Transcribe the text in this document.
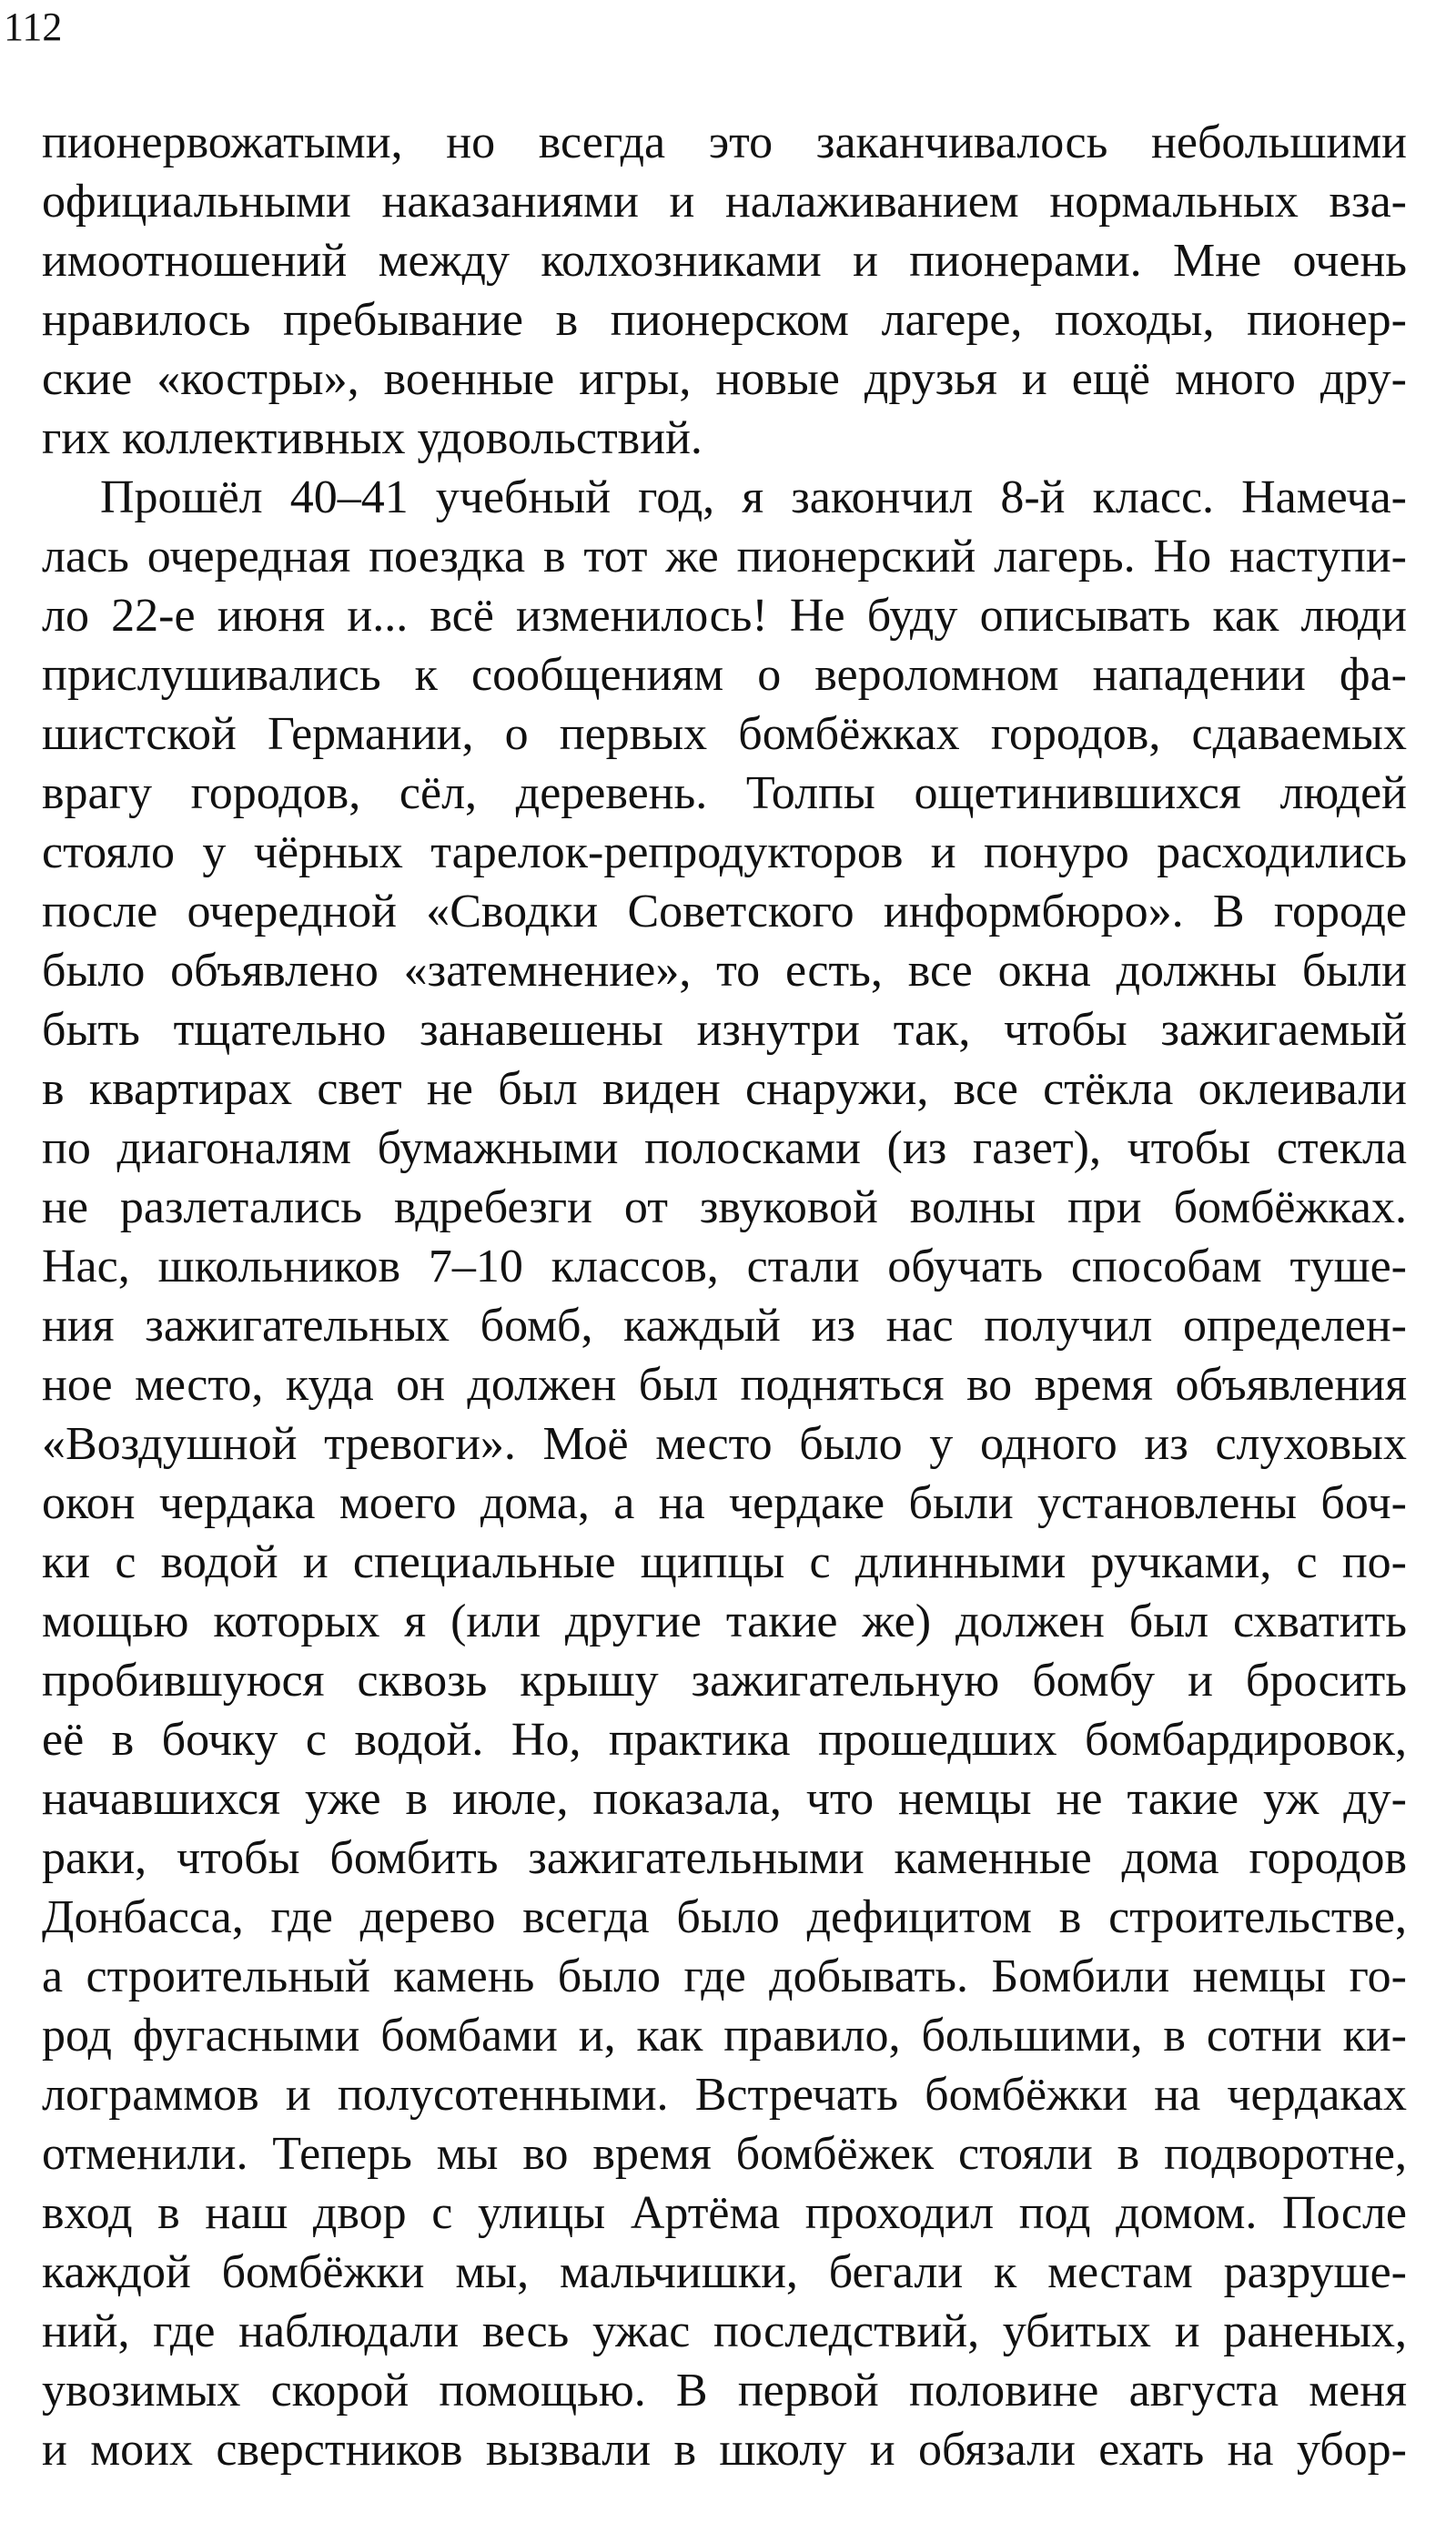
112
пионервожатыми, но всегда это заканчивалось небольшими
официальными наказаниями и налаживанием нормальных вза-
имоотношений между колхозниками и пионерами. Мне очень
нравилось пребывание в пионерском лагере, походы, пионер-
ские «костры», военные игры, новые друзья и ещё много дру-
гих коллективных удовольствий.
Прошёл 40–41 учебный год, я закончил 8-й класс. Намеча-
лась очередная поездка в тот же пионерский лагерь. Но наступи-
ло 22-е июня и... всё изменилось! Не буду описывать как люди
прислушивались к сообщениям о вероломном нападении фа-
шистской Германии, о первых бомбёжках городов, сдаваемых
врагу городов, сёл, деревень. Толпы ощетинившихся людей
стояло у чёрных тарелок-репродукторов и понуро расходились
после очередной «Сводки Советского информбюро». В городе
было объявлено «затемнение», то есть, все окна должны были
быть тщательно занавешены изнутри так, чтобы зажигаемый
в квартирах свет не был виден снаружи, все стёкла оклеивали
по диагоналям бумажными полосками (из газет), чтобы стекла
не разлетались вдребезги от звуковой волны при бомбёжках.
Нас, школьников 7–10 классов, стали обучать способам туше-
ния зажигательных бомб, каждый из нас получил определен-
ное место, куда он должен был подняться во время объявления
«Воздушной тревоги». Моё место было у одного из слуховых
окон чердака моего дома, а на чердаке были установлены боч-
ки с водой и специальные щипцы с длинными ручками, с по-
мощью которых я (или другие такие же) должен был схватить
пробившуюся сквозь крышу зажигательную бомбу и бросить
её в бочку с водой. Но, практика прошедших бомбардировок,
начавшихся уже в июле, показала, что немцы не такие уж ду-
раки, чтобы бомбить зажигательными каменные дома городов
Донбасса, где дерево всегда было дефицитом в строительстве,
а строительный камень было где добывать. Бомбили немцы го-
род фугасными бомбами и, как правило, большими, в сотни ки-
лограммов и полусотенными. Встречать бомбёжки на чердаках
отменили. Теперь мы во время бомбёжек стояли в подворотне,
вход в наш двор с улицы Артёма проходил под домом. После
каждой бомбёжки мы, мальчишки, бегали к местам разруше-
ний, где наблюдали весь ужас последствий, убитых и раненых,
увозимых скорой помощью. В первой половине августа меня
и моих сверстников вызвали в школу и обязали ехать на убор-
